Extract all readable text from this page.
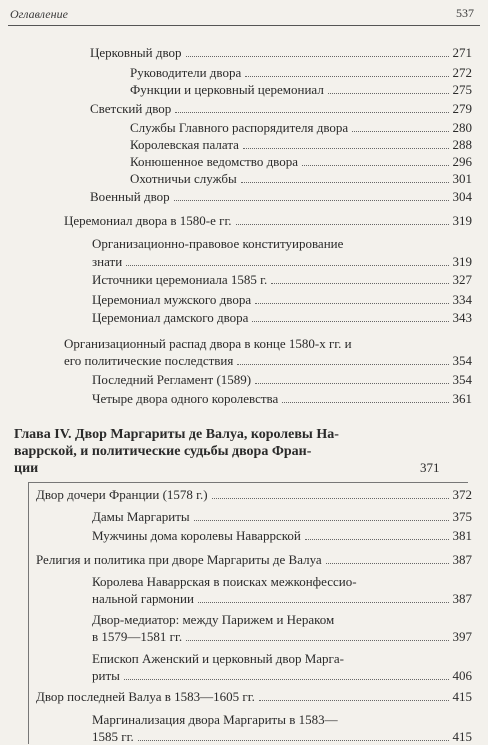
Оглавление	537
Церковный двор	271
Руководители двора	272
Функции и церковный церемониал	275
Светский двор	279
Службы Главного распорядителя двора	280
Королевская палата	288
Конюшенное ведомство двора	296
Охотничьи службы	301
Военный двор	304
Церемониал двора в 1580-е гг.	319
Организационно-правовое конституирование
знати	319
Источники церемониала 1585 г.	327
Церемониал мужского двора	334
Церемониал дамского двора	343
Организационный распад двора в конце 1580-х гг. и
его политические последствия	354
Последний Регламент (1589)	354
Четыре двора одного королевства	361
Глава IV. Двор Маргариты де Валуа, королевы На-
варрской, и политические судьбы двора Фран-
ции	371
Двор дочери Франции (1578 г.)	372
Дамы Маргариты	375
Мужчины дома королевы Наваррской	381
Религия и политика при дворе Маргариты де Валуа	387
Королева Наваррская в поисках межконфессио-
нальной гармонии	387
Двор-медиатор: между Парижем и Нераком
в 1579—1581 гг.	397
Епископ Аженский и церковный двор Марга-
риты	406
Двор последней Валуа в 1583—1605 гг.	415
Маргинализация двора Маргариты в 1583—
1585 гг.	415
